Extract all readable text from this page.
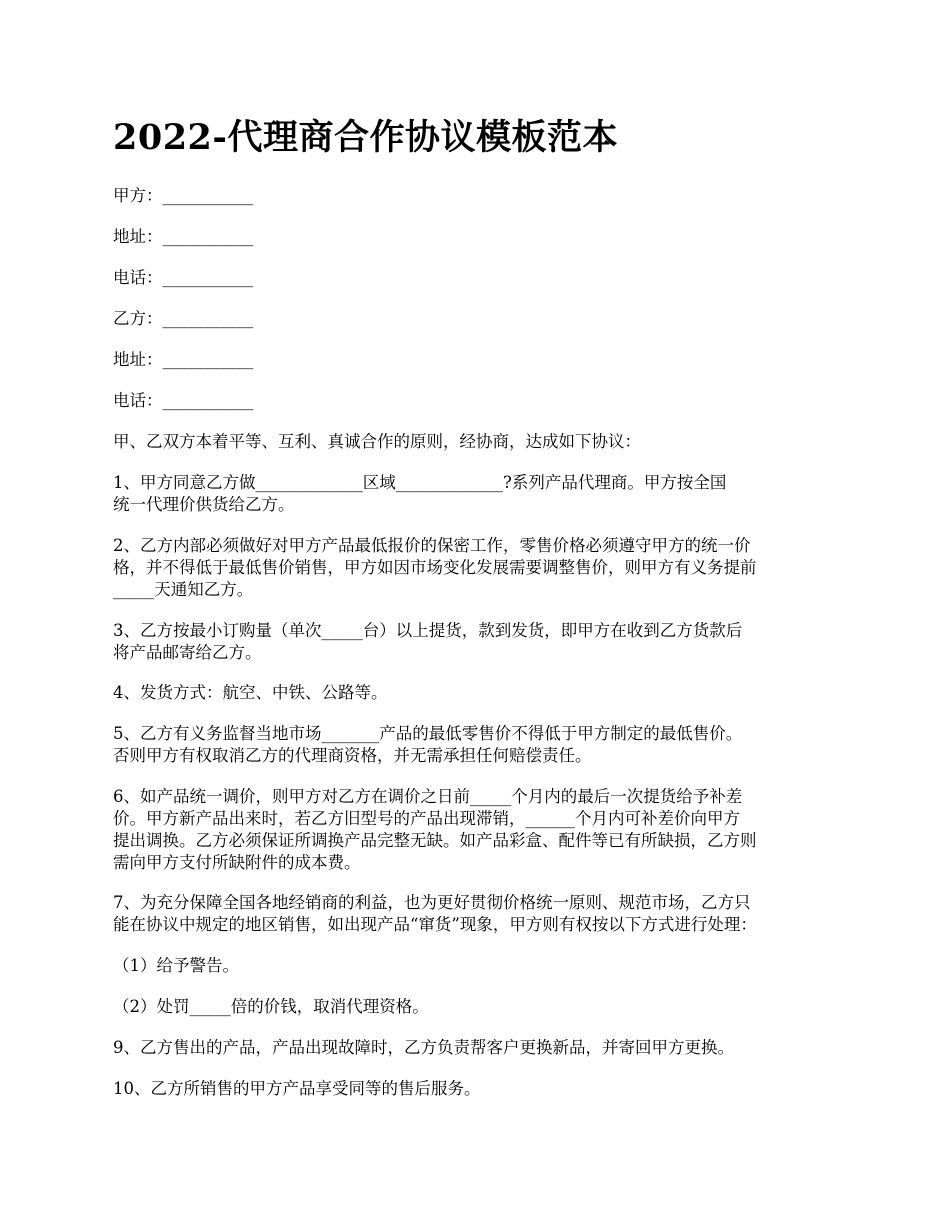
2022-代理商合作协议模板范本

甲方：___________

地址：___________

电话：___________

乙方：___________

地址：___________

电话：___________

甲、乙双方本着平等、互利、真诚合作的原则，经协商，达成如下协议：

1、甲方同意乙方做_____________区域_____________?系列产品代理商。甲方按全国
统一代理价供货给乙方。

2、乙方内部必须做好对甲方产品最低报价的保密工作，零售价格必须遵守甲方的统一价
格，并不得低于最低售价销售，甲方如因市场变化发展需要调整售价，则甲方有义务提前
_____天通知乙方。

3、乙方按最小订购量（单次_____台）以上提货，款到发货，即甲方在收到乙方货款后
将产品邮寄给乙方。

4、发货方式：航空、中铁、公路等。

5、乙方有义务监督当地市场_______产品的最低零售价不得低于甲方制定的最低售价。
否则甲方有权取消乙方的代理商资格，并无需承担任何赔偿责任。

6、如产品统一调价，则甲方对乙方在调价之日前_____个月内的最后一次提货给予补差
价。甲方新产品出来时，若乙方旧型号的产品出现滞销，______个月内可补差价向甲方
提出调换。乙方必须保证所调换产品完整无缺。如产品彩盒、配件等已有所缺损，乙方则
需向甲方支付所缺附件的成本费。

7、为充分保障全国各地经销商的利益，也为更好贯彻价格统一原则、规范市场，乙方只
能在协议中规定的地区销售，如出现产品“窜货”现象，甲方则有权按以下方式进行处理：

（1）给予警告。

（2）处罚_____倍的价钱，取消代理资格。

9、乙方售出的产品，产品出现故障时，乙方负责帮客户更换新品，并寄回甲方更换。

10、乙方所销售的甲方产品享受同等的售后服务。
